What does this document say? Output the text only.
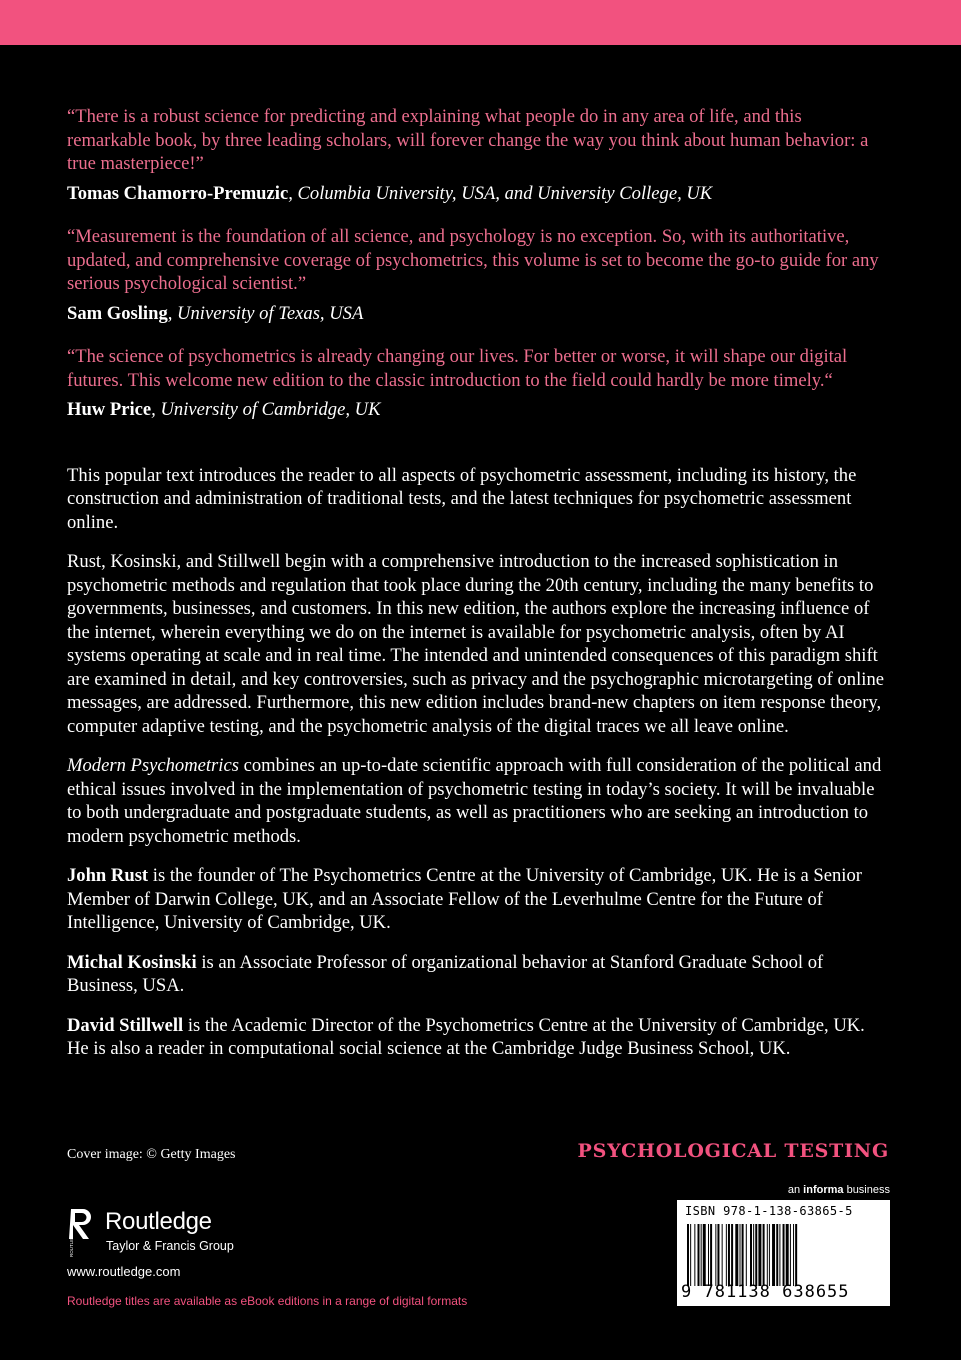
“There is a robust science for predicting and explaining what people do in any area of life, and this remarkable book, by three leading scholars, will forever change the way you think about human behavior: a true masterpiece!”

Tomas Chamorro-Premuzic, Columbia University, USA, and University College, UK

“Measurement is the foundation of all science, and psychology is no exception. So, with its authoritative, updated, and comprehensive coverage of psychometrics, this volume is set to become the go-to guide for any serious psychological scientist.”

Sam Gosling, University of Texas, USA

“The science of psychometrics is already changing our lives. For better or worse, it will shape our digital futures. This welcome new edition to the classic introduction to the field could hardly be more timely.“

Huw Price, University of Cambridge, UK

This popular text introduces the reader to all aspects of psychometric assessment, including its history, the construction and administration of traditional tests, and the latest techniques for psychometric assessment online.

Rust, Kosinski, and Stillwell begin with a comprehensive introduction to the increased sophistication in psychometric methods and regulation that took place during the 20th century, including the many benefits to governments, businesses, and customers. In this new edition, the authors explore the increasing influence of the internet, wherein everything we do on the internet is available for psychometric analysis, often by AI systems operating at scale and in real time. The intended and unintended consequences of this paradigm shift are examined in detail, and key controversies, such as privacy and the psychographic microtargeting of online messages, are addressed. Furthermore, this new edition includes brand-new chapters on item response theory, computer adaptive testing, and the psychometric analysis of the digital traces we all leave online.

Modern Psychometrics combines an up-to-date scientific approach with full consideration of the political and ethical issues involved in the implementation of psychometric testing in today’s society. It will be invaluable to both undergraduate and postgraduate students, as well as practitioners who are seeking an introduction to modern psychometric methods.

John Rust is the founder of The Psychometrics Centre at the University of Cambridge, UK. He is a Senior Member of Darwin College, UK, and an Associate Fellow of the Leverhulme Centre for the Future of Intelligence, University of Cambridge, UK.

Michal Kosinski is an Associate Professor of organizational behavior at Stanford Graduate School of Business, USA.

David Stillwell is the Academic Director of the Psychometrics Centre at the University of Cambridge, UK. He is also a reader in computational social science at the Cambridge Judge Business School, UK.

Cover image: © Getty Images	PSYCHOLOGICAL TESTING
an informa business
ISBN 978-1-138-63865-5
9 781138 638655
ROUTLEDGE
Routledge
Taylor & Francis Group
www.routledge.com
Routledge titles are available as eBook editions in a range of digital formats
